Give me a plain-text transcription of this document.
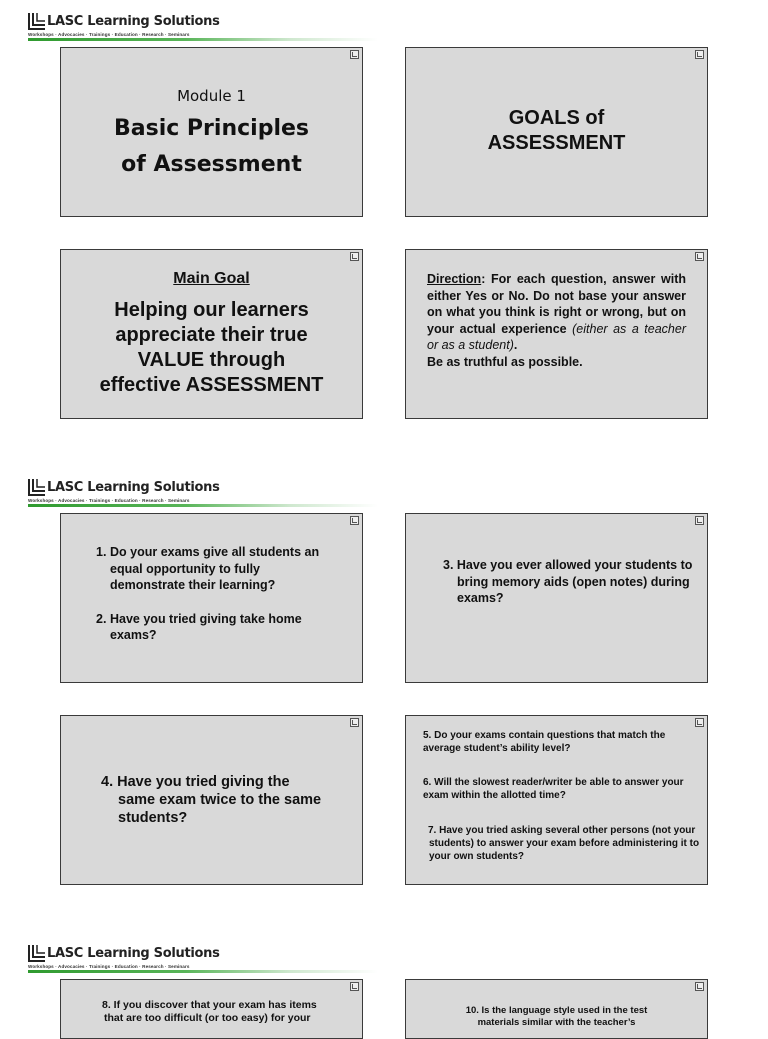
LASC Learning Solutions
Workshops · Advocacies · Trainings · Education · Research · Seminars
Module 1
Basic Principles
of Assessment
GOALS of
ASSESSMENT
Main Goal
Helping our learners
appreciate their true
VALUE through
effective ASSESSMENT
Direction: For each question, answer with either Yes or No. Do not base your answer on what you think is right or wrong, but on your actual experience (either as a teacher or as a student).
Be as truthful as possible.
LASC Learning Solutions
Workshops · Advocacies · Trainings · Education · Research · Seminars
1. Do your exams give all students an equal opportunity to fully demonstrate their learning?
2. Have you tried giving take home exams?
3. Have you ever allowed your students to bring memory aids (open notes) during exams?
4. Have you tried giving the
same exam twice to the same students?
5. Do your exams contain questions that match the average student’s ability level?
6. Will the slowest reader/writer be able to answer your exam within the allotted time?
7. Have you tried asking several other persons (not your students) to answer your exam before administering it to your own students?
LASC Learning Solutions
Workshops · Advocacies · Trainings · Education · Research · Seminars
8. If you discover that your exam has items that are too difficult (or too easy) for your
10. Is the language style used in the test materials similar with the teacher’s
